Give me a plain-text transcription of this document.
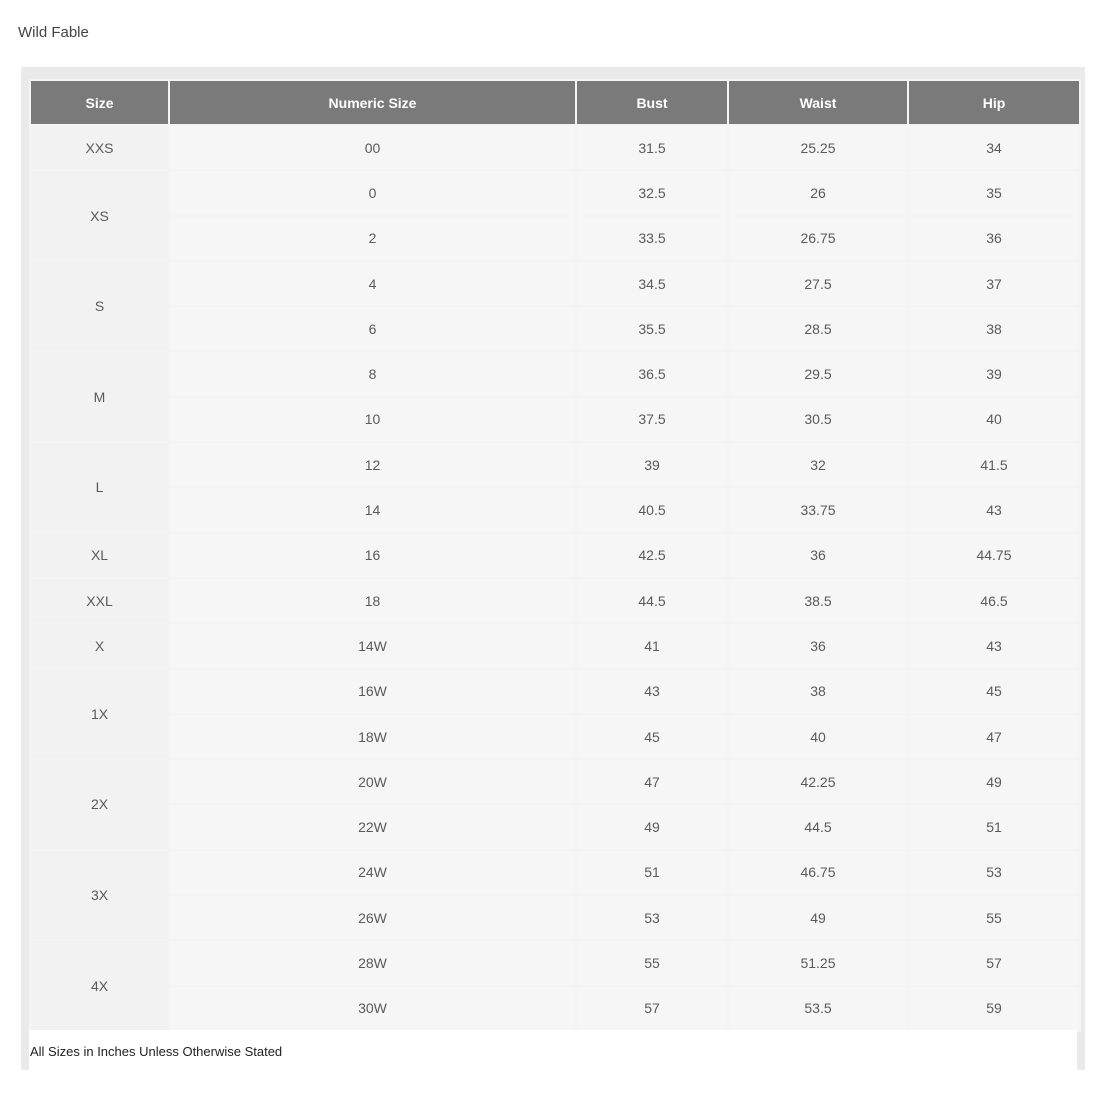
Wild Fable
Size	Numeric Size	Bust	Waist	Hip
XXS	00	31.5	25.25	34
XS	0	32.5	26	35
	2	33.5	26.75	36
S	4	34.5	27.5	37
	6	35.5	28.5	38
M	8	36.5	29.5	39
	10	37.5	30.5	40
L	12	39	32	41.5
	14	40.5	33.75	43
XL	16	42.5	36	44.75
XXL	18	44.5	38.5	46.5
X	14W	41	36	43
1X	16W	43	38	45
	18W	45	40	47
2X	20W	47	42.25	49
	22W	49	44.5	51
3X	24W	51	46.75	53
	26W	53	49	55
4X	28W	55	51.25	57
	30W	57	53.5	59
All Sizes in Inches Unless Otherwise Stated
